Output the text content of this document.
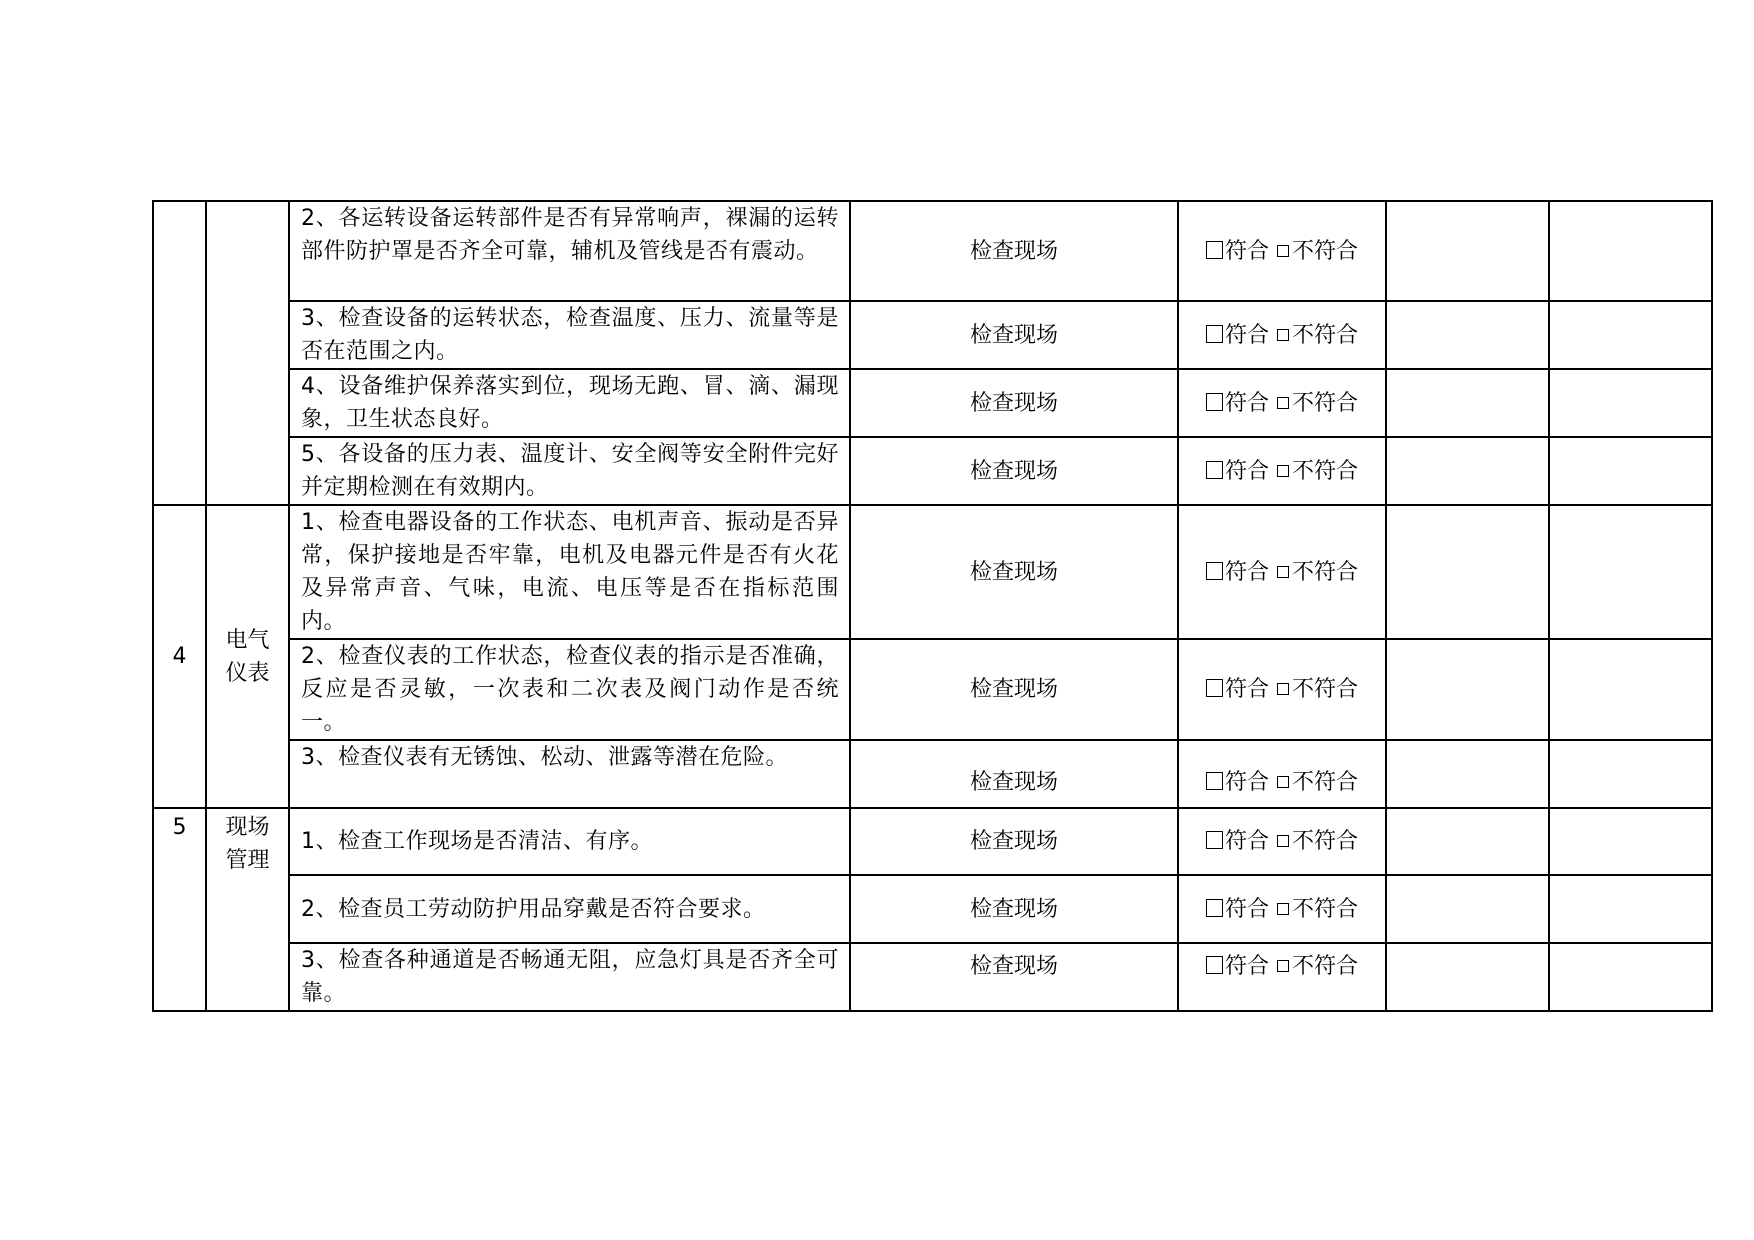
		2、各运转设备运转部件是否有异常响声，裸漏的运转部件防护罩是否齐全可靠，辅机及管线是否有震动。	检查现场	符合 不符合		
		3、检查设备的运转状态，检查温度、压力、流量等是否在范围之内。	检查现场	符合 不符合		
		4、设备维护保养落实到位，现场无跑、冒、滴、漏现象，卫生状态良好。	检查现场	符合 不符合		
		5、各设备的压力表、温度计、安全阀等安全附件完好并定期检测在有效期内。	检查现场	符合 不符合		
4	电气仪表	1、检查电器设备的工作状态、电机声音、振动是否异常，保护接地是否牢靠，电机及电器元件是否有火花及异常声音、气味，电流、电压等是否在指标范围内。	检查现场	符合 不符合		
		2、检查仪表的工作状态，检查仪表的指示是否准确，反应是否灵敏，一次表和二次表及阀门动作是否统一。	检查现场	符合 不符合		
		3、检查仪表有无锈蚀、松动、泄露等潜在危险。	检查现场	符合 不符合		
5	现场管理	1、检查工作现场是否清洁、有序。	检查现场	符合 不符合		
		2、检查员工劳动防护用品穿戴是否符合要求。	检查现场	符合 不符合		
		3、检查各种通道是否畅通无阻，应急灯具是否齐全可靠。	检查现场	符合 不符合		
